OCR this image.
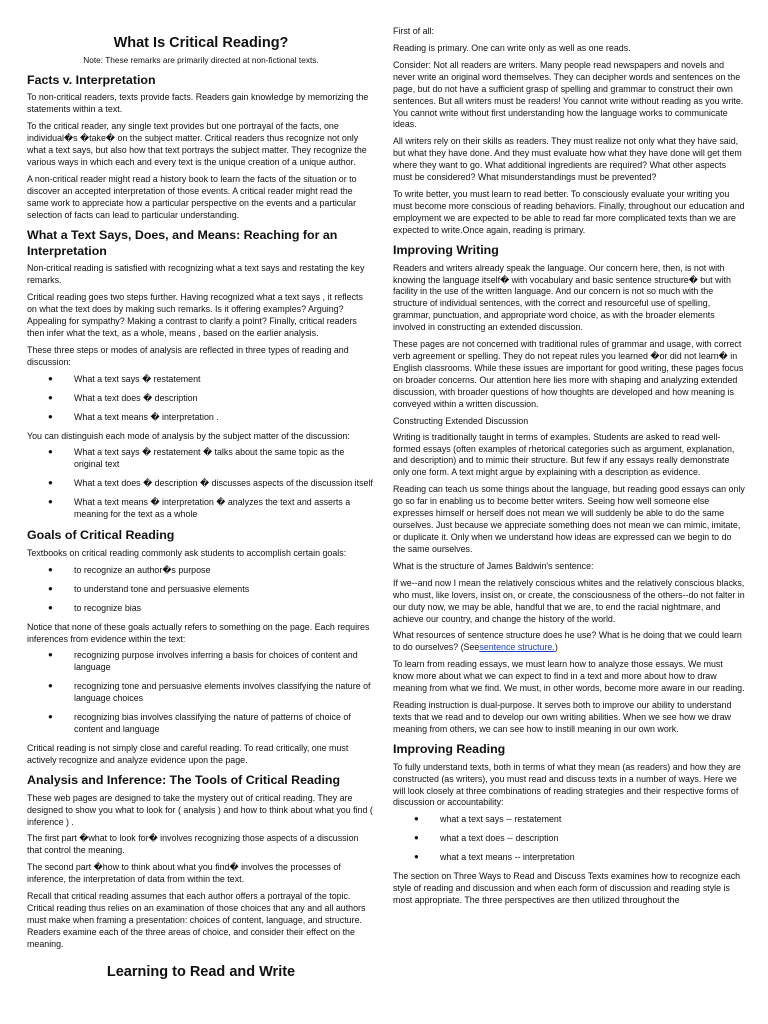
What Is Critical Reading?

Note: These remarks are primarily directed at non-fictional texts.

Facts v. Interpretation

To non-critical readers, texts provide facts. Readers gain knowledge by memorizing the statements within a text.

To the critical reader, any single text provides but one portrayal of the facts, one individual�s �take� on the subject matter. Critical readers thus recognize not only what a text says, but also how that text portrays the subject matter. They recognize the various ways in which each and every text is the unique creation of a unique author.

A non-critical reader might read a history book to learn the facts of the situation or to discover an accepted interpretation of those events. A critical reader might read the same work to appreciate how a particular perspective on the events and a particular selection of facts can lead to particular understanding.

What a Text Says, Does, and Means: Reaching for an Interpretation

Non-critical reading is satisfied with recognizing what a text says and restating the key remarks.

Critical reading goes two steps further. Having recognized what a text says , it reflects on what the text does by making such remarks. Is it offering examples? Arguing? Appealing for sympathy? Making a contrast to clarify a point? Finally, critical readers then infer what the text, as a whole, means , based on the earlier analysis.

These three steps or modes of analysis are reflected in three types of reading and discussion:

● What a text says � restatement
● What a text does � description
● What a text means � interpretation .

You can distinguish each mode of analysis by the subject matter of the discussion:

● What a text says � restatement � talks about the same topic as the original text
● What a text does � description � discusses aspects of the discussion itself
● What a text means � interpretation � analyzes the text and asserts a meaning for the text as a whole
Goals of Critical Reading

Textbooks on critical reading commonly ask students to accomplish certain goals:

● to recognize an author�s purpose
● to understand tone and persuasive elements
● to recognize bias

Notice that none of these goals actually refers to something on the page. Each requires inferences from evidence within the text:

● recognizing purpose involves inferring a basis for choices of content and language
● recognizing tone and persuasive elements involves classifying the nature of language choices
● recognizing bias involves classifying the nature of patterns of choice of content and language

Critical reading is not simply close and careful reading. To read critically, one must actively recognize and analyze evidence upon the page.

Analysis and Inference: The Tools of Critical Reading

These web pages are designed to take the mystery out of critical reading. They are designed to show you what to look for ( analysis ) and how to think about what you find ( inference ) .

The first part �what to look for� involves recognizing those aspects of a discussion that control the meaning.

The second part �how to think about what you find� involves the processes of inference, the interpretation of data from within the text.

Recall that critical reading assumes that each author offers a portrayal of the topic. Critical reading thus relies on an examination of those choices that any and all authors must make when framing a presentation: choices of content, language, and structure. Readers examine each of the three areas of choice, and consider their effect on the meaning.

Learning to Read and Write

First of all:

Reading is primary. One can write only as well as one reads.

Consider: Not all readers are writers. Many people read newspapers and novels and never write an original word themselves. They can decipher words and sentences on the page, but do not have a sufficient grasp of spelling and grammar to construct their own sentences. But all writers must be readers! You cannot write without reading as you write. You cannot write without first understanding how the language works to communicate ideas.

All writers rely on their skills as readers. They must realize not only what they have said, but what they have done. And they must evaluate how what they have done will get them where they want to go. What additional ingredients are required? What other aspects must be considered? What misunderstandings must be prevented?

To write better, you must learn to read better. To consciously evaluate your writing you must become more conscious of reading behaviors. Finally, throughout our education and employment we are expected to be able to read far more complicated texts than we are expected to write.Once again, reading is primary.

Improving Writing

Readers and writers already speak the language. Our concern here, then, is not with knowing the language itself� with vocabulary and basic sentence structure� but with facility in the use of the written language. And our concern is not so much with the structure of individual sentences, with the correct and resourceful use of spelling, grammar, punctuation, and appropriate word choice, as with the broader elements involved in constructing an extended discussion.

These pages are not concerned with traditional rules of grammar and usage, with correct verb agreement or spelling. They do not repeat rules you learned �or did not learn� in English classrooms. While these issues are important for good writing, these pages focus on broader concerns. Our attention here lies more with shaping and analyzing extended discussion, with broader questions of how thoughts are developed and how meaning is conveyed within a written discussion.

Constructing Extended Discussion

Writing is traditionally taught in terms of examples. Students are asked to read well- formed essays (often examples of rhetorical categories such as argument, explanation, and description) and to mimic their structure. But few if any essays really demonstrate only one form. A text might argue by explaining with a description as evidence.

Reading can teach us some things about the language, but reading good essays can only go so far in enabling us to become better writers. Seeing how well someone else expresses himself or herself does not mean we will suddenly be able to do the same ourselves. Just because we appreciate something does not mean we can mimic, imitate, or duplicate it. Only when we understand how ideas are expressed can we begin to do the same ourselves.

What is the structure of James Baldwin's sentence:

If we--and now I mean the relatively conscious whites and the relatively conscious blacks, who must, like lovers, insist on, or create, the consciousness of the others--do not falter in our duty now, we may be able, handful that we are, to end the racial nightmare, and achieve our country, and change the history of the world.

What resources of sentence structure does he use? What is he doing that we could learn to do ourselves? (Seesentence structure.)

To learn from reading essays, we must learn how to analyze those essays. We must know more about what we can expect to find in a text and more about how to draw meaning from what we find. We must, in other words, become more aware in our reading.

Reading instruction is dual-purpose. It serves both to improve our ability to understand texts that we read and to develop our own writing abilities. When we see how we draw meaning from others, we can see how to instill meaning in our own work.

Improving Reading

To fully understand texts, both in terms of what they mean (as readers) and how they are constructed (as writers), you must read and discuss texts in a number of ways. Here we will look closely at three combinations of reading strategies and their respective forms of discussion or accountability:

● what a text says -- restatement
● what a text does -- description
● what a text means -- interpretation

The section on Three Ways to Read and Discuss Texts examines how to recognize each style of reading and discussion and when each form of discussion and reading style is most appropriate. The three perspectives are then utilized throughout the
